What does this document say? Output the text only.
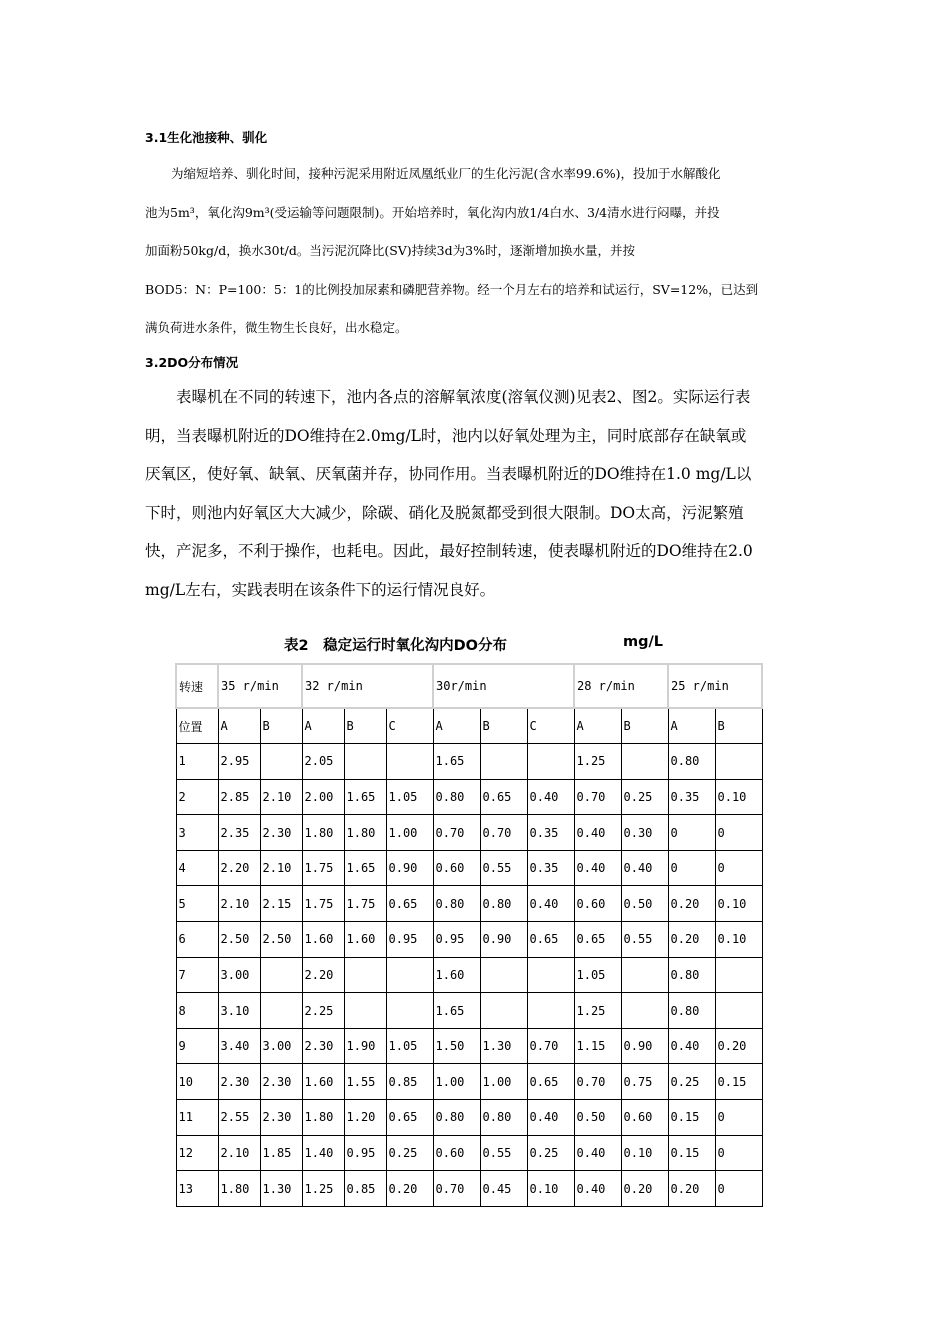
3.1生化池接种、驯化

为缩短培养、驯化时间，接种污泥采用附近凤凰纸业厂的生化污泥(含水率99.6%)，投加于水解酸化

池为5m³，氧化沟9m³(受运输等问题限制)。开始培养时，氧化沟内放1/4白水、3/4清水进行闷曝，并投

加面粉50kg/d，换水30t/d。当污泥沉降比(SV)持续3d为3%时，逐渐增加换水量，并按

BOD5：N：P=100：5：1的比例投加尿素和磷肥营养物。经一个月左右的培养和试运行，SV=12%，已达到

满负荷进水条件，微生物生长良好，出水稳定。

3.2DO分布情况

表曝机在不同的转速下，池内各点的溶解氧浓度(溶氧仪测)见表2、图2。实际运行表

明，当表曝机附近的DO维持在2.0mg/L时，池内以好氧处理为主，同时底部存在缺氧或

厌氧区，使好氧、缺氧、厌氧菌并存，协同作用。当表曝机附近的DO维持在1.0 mg/L以

下时，则池内好氧区大大减少，除碳、硝化及脱氮都受到很大限制。DO太高，污泥繁殖

快，产泥多，不利于操作，也耗电。因此，最好控制转速，使表曝机附近的DO维持在2.0

mg/L左右，实践表明在该条件下的运行情况良好。

表2　稳定运行时氧化沟内DO分布	mg/L
转速	35 r/min		32 r/min			30r/min			28 r/min		25 r/min	
位置	A	B	A	B	C	A	B	C	A	B	A	B
1	2.95		2.05			1.65			1.25		0.80	
2	2.85	2.10	2.00	1.65	1.05	0.80	0.65	0.40	0.70	0.25	0.35	0.10
3	2.35	2.30	1.80	1.80	1.00	0.70	0.70	0.35	0.40	0.30	0	0
4	2.20	2.10	1.75	1.65	0.90	0.60	0.55	0.35	0.40	0.40	0	0
5	2.10	2.15	1.75	1.75	0.65	0.80	0.80	0.40	0.60	0.50	0.20	0.10
6	2.50	2.50	1.60	1.60	0.95	0.95	0.90	0.65	0.65	0.55	0.20	0.10
7	3.00		2.20			1.60			1.05		0.80	
8	3.10		2.25			1.65			1.25		0.80	
9	3.40	3.00	2.30	1.90	1.05	1.50	1.30	0.70	1.15	0.90	0.40	0.20
10	2.30	2.30	1.60	1.55	0.85	1.00	1.00	0.65	0.70	0.75	0.25	0.15
11	2.55	2.30	1.80	1.20	0.65	0.80	0.80	0.40	0.50	0.60	0.15	0
12	2.10	1.85	1.40	0.95	0.25	0.60	0.55	0.25	0.40	0.10	0.15	0
13	1.80	1.30	1.25	0.85	0.20	0.70	0.45	0.10	0.40	0.20	0.20	0
